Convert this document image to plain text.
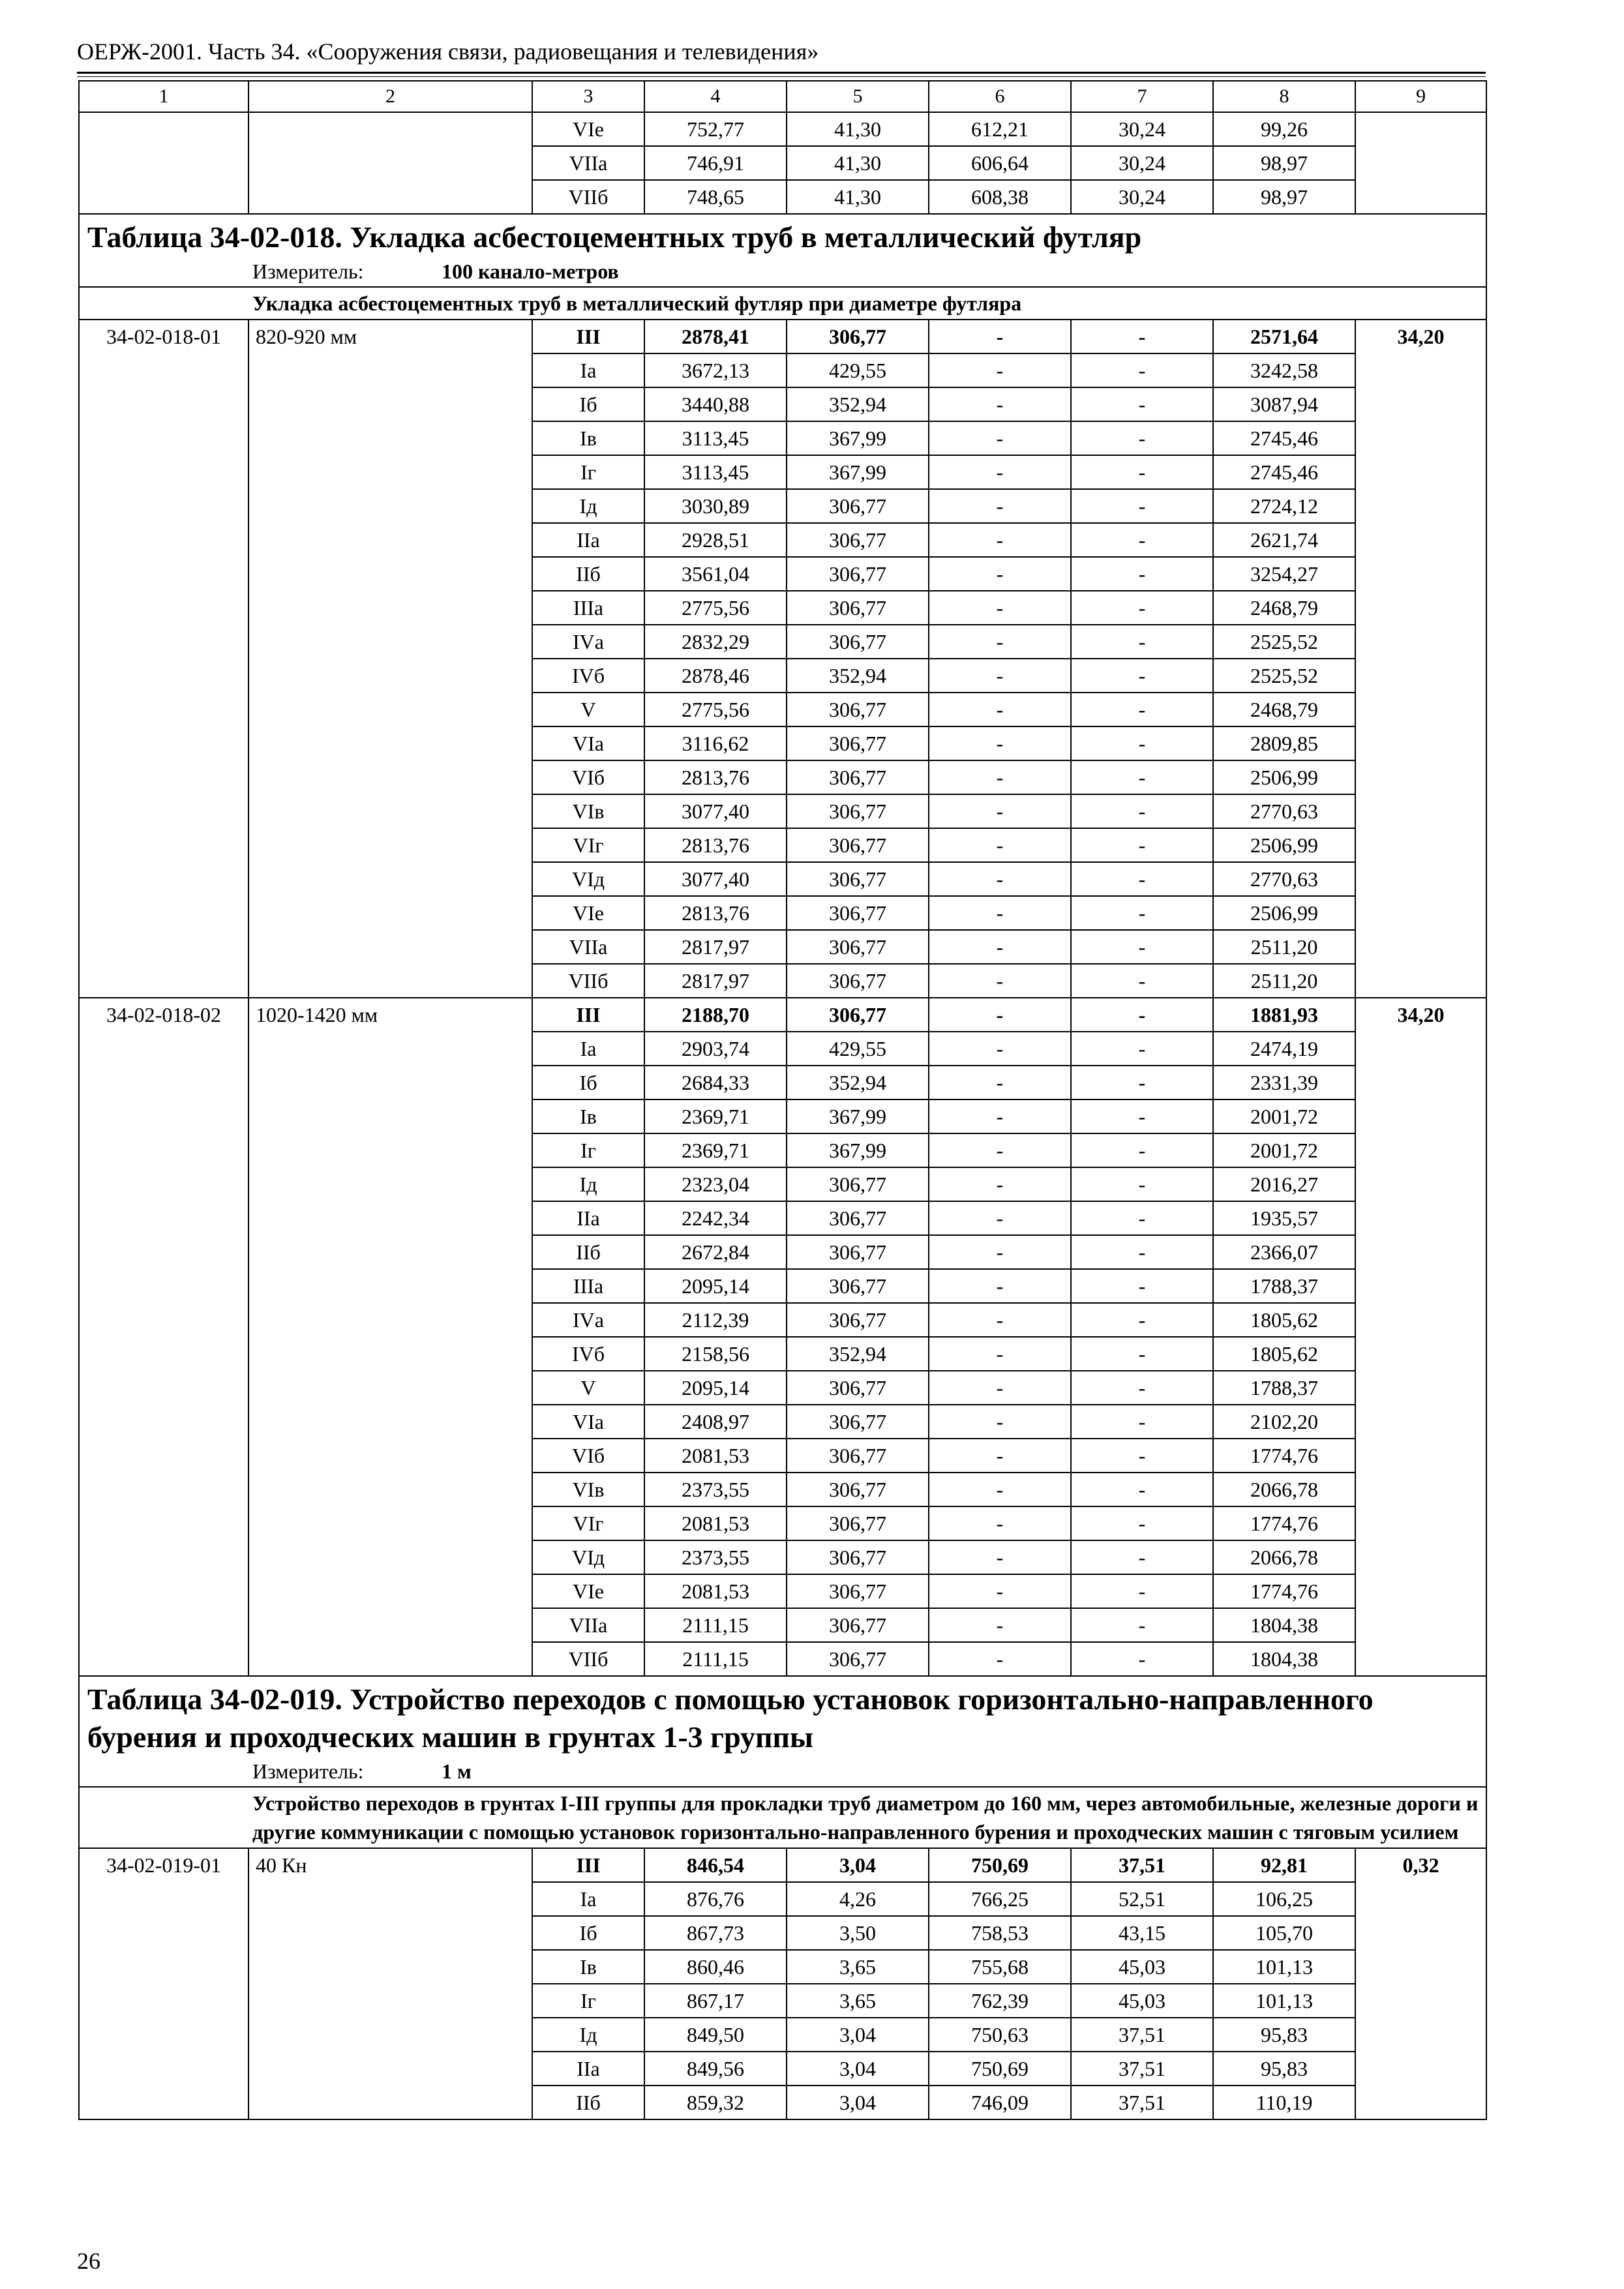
ОЕРЖ-2001. Часть 34. «Сооружения связи, радиовещания и телевидения»
1	2	3	4	5	6	7	8	9
		VIе	752,77	41,30	612,21	30,24	99,26	
		VIIа	746,91	41,30	606,64	30,24	98,97	
		VIIб	748,65	41,30	608,38	30,24	98,97	
Таблица 34-02-018. Укладка асбестоцементных труб в металлический футляр								
Измеритель: 100 канало-метров								

Укладка асбестоцементных труб в металлический футляр при диаметре футляра								

34-02-018-01	820-920 мм	III	2878,41	306,77	-	-	2571,64	34,20
		Iа	3672,13	429,55	-	-	3242,58	
		Iб	3440,88	352,94	-	-	3087,94	
		Iв	3113,45	367,99	-	-	2745,46	
		Iг	3113,45	367,99	-	-	2745,46	
		Iд	3030,89	306,77	-	-	2724,12	
		IIа	2928,51	306,77	-	-	2621,74	
		IIб	3561,04	306,77	-	-	3254,27	
		IIIа	2775,56	306,77	-	-	2468,79	
		IVа	2832,29	306,77	-	-	2525,52	
		IVб	2878,46	352,94	-	-	2525,52	
		V	2775,56	306,77	-	-	2468,79	
		VIа	3116,62	306,77	-	-	2809,85	
		VIб	2813,76	306,77	-	-	2506,99	
		VIв	3077,40	306,77	-	-	2770,63	
		VIг	2813,76	306,77	-	-	2506,99	
		VIд	3077,40	306,77	-	-	2770,63	
		VIе	2813,76	306,77	-	-	2506,99	
		VIIа	2817,97	306,77	-	-	2511,20	
		VIIб	2817,97	306,77	-	-	2511,20	
34-02-018-02	1020-1420 мм	III	2188,70	306,77	-	-	1881,93	34,20
		Iа	2903,74	429,55	-	-	2474,19	
		Iб	2684,33	352,94	-	-	2331,39	
		Iв	2369,71	367,99	-	-	2001,72	
		Iг	2369,71	367,99	-	-	2001,72	
		Iд	2323,04	306,77	-	-	2016,27	
		IIа	2242,34	306,77	-	-	1935,57	
		IIб	2672,84	306,77	-	-	2366,07	
		IIIа	2095,14	306,77	-	-	1788,37	
		IVа	2112,39	306,77	-	-	1805,62	
		IVб	2158,56	352,94	-	-	1805,62	
		V	2095,14	306,77	-	-	1788,37	
		VIа	2408,97	306,77	-	-	2102,20	
		VIб	2081,53	306,77	-	-	1774,76	
		VIв	2373,55	306,77	-	-	2066,78	
		VIг	2081,53	306,77	-	-	1774,76	
		VIд	2373,55	306,77	-	-	2066,78	
		VIе	2081,53	306,77	-	-	1774,76	
		VIIа	2111,15	306,77	-	-	1804,38	
		VIIб	2111,15	306,77	-	-	1804,38	
Таблица 34-02-019. Устройство переходов с помощью установок горизонтально-направленного бурения и проходческих машин в грунтах 1-3 группы								
Измеритель: 1 м								

Устройство переходов в грунтах I-III группы для прокладки труб диаметром до 160 мм, через автомобильные, железные дороги и другие коммуникации с помощью установок горизонтально-направленного бурения и проходческих машин с тяговым усилием								

34-02-019-01	40 Кн	III	846,54	3,04	750,69	37,51	92,81	0,32
		Iа	876,76	4,26	766,25	52,51	106,25	
		Iб	867,73	3,50	758,53	43,15	105,70	
		Iв	860,46	3,65	755,68	45,03	101,13	
		Iг	867,17	3,65	762,39	45,03	101,13	
		Iд	849,50	3,04	750,63	37,51	95,83	
		IIа	849,56	3,04	750,69	37,51	95,83	
		IIб	859,32	3,04	746,09	37,51	110,19	
26
